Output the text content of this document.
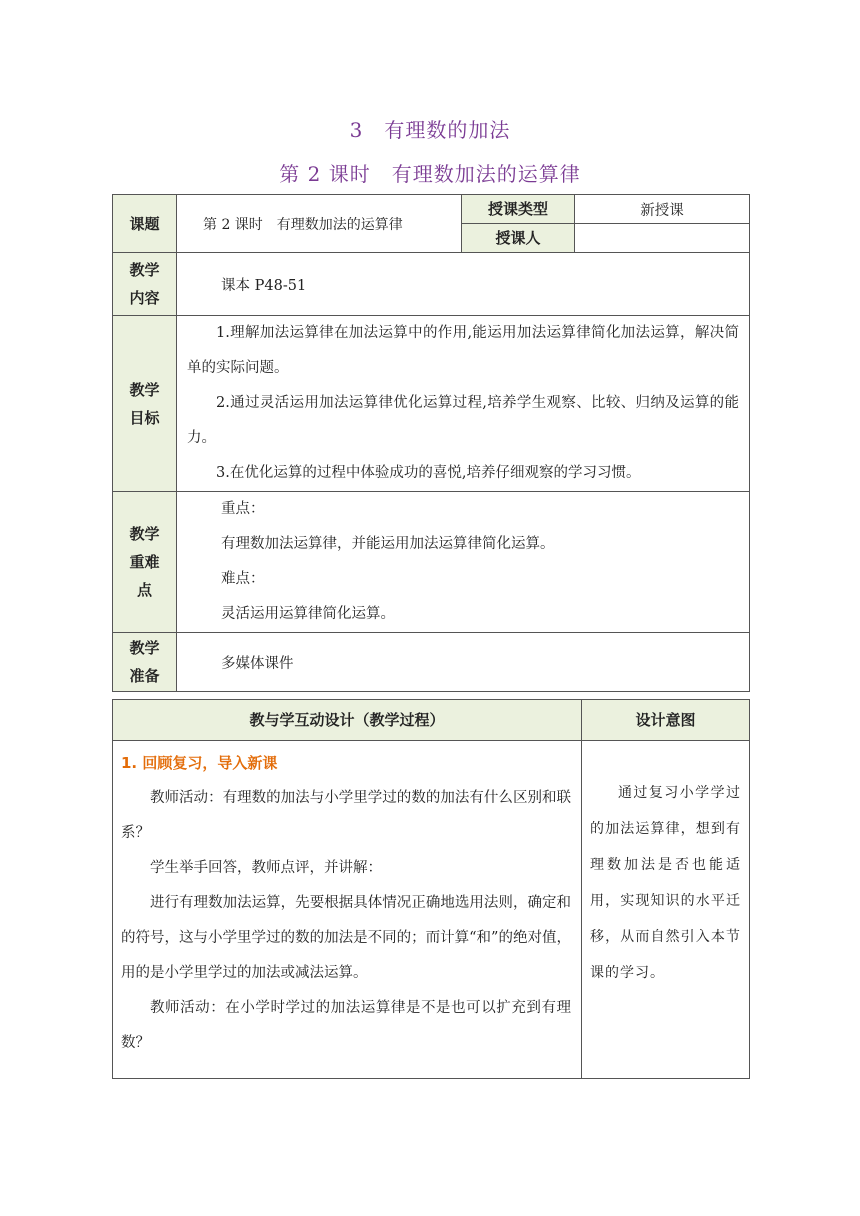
3　有理数的加法
第 2 课时　有理数加法的运算律
课题	第 2 课时　有理数加法的运算律	授课类型	新授课
		授课人	

教学内容	课本 P48-51		

教学目标	1.理解加法运算律在加法运算中的作用,能运用加法运算律简化加法运算，解决简单的实际问题。

2.通过灵活运用加法运算律优化运算过程,培养学生观察、比较、归纳及运算的能力。

3.在优化运算的过程中体验成功的喜悦,培养仔细观察的学习习惯。		

教学重难点	重点：

有理数加法运算律，并能运用加法运算律简化运算。

难点：

灵活运用运算律简化运算。		

教学准备	多媒体课件		
教与学互动设计（教学过程）	设计意图

1. 回顾复习，导入新课

教师活动：有理数的加法与小学里学过的数的加法有什么区别和联系？

学生举手回答，教师点评，并讲解：

进行有理数加法运算，先要根据具体情况正确地选用法则，确定和的符号，这与小学里学过的数的加法是不同的；而计算“和”的绝对值，用的是小学里学过的加法或减法运算。

教师活动：在小学时学过的加法运算律是不是也可以扩充到有理数？	通过复习小学学过的加法运算律，想到有理数加法是否也能适用，实现知识的水平迁移，从而自然引入本节课的学习。
